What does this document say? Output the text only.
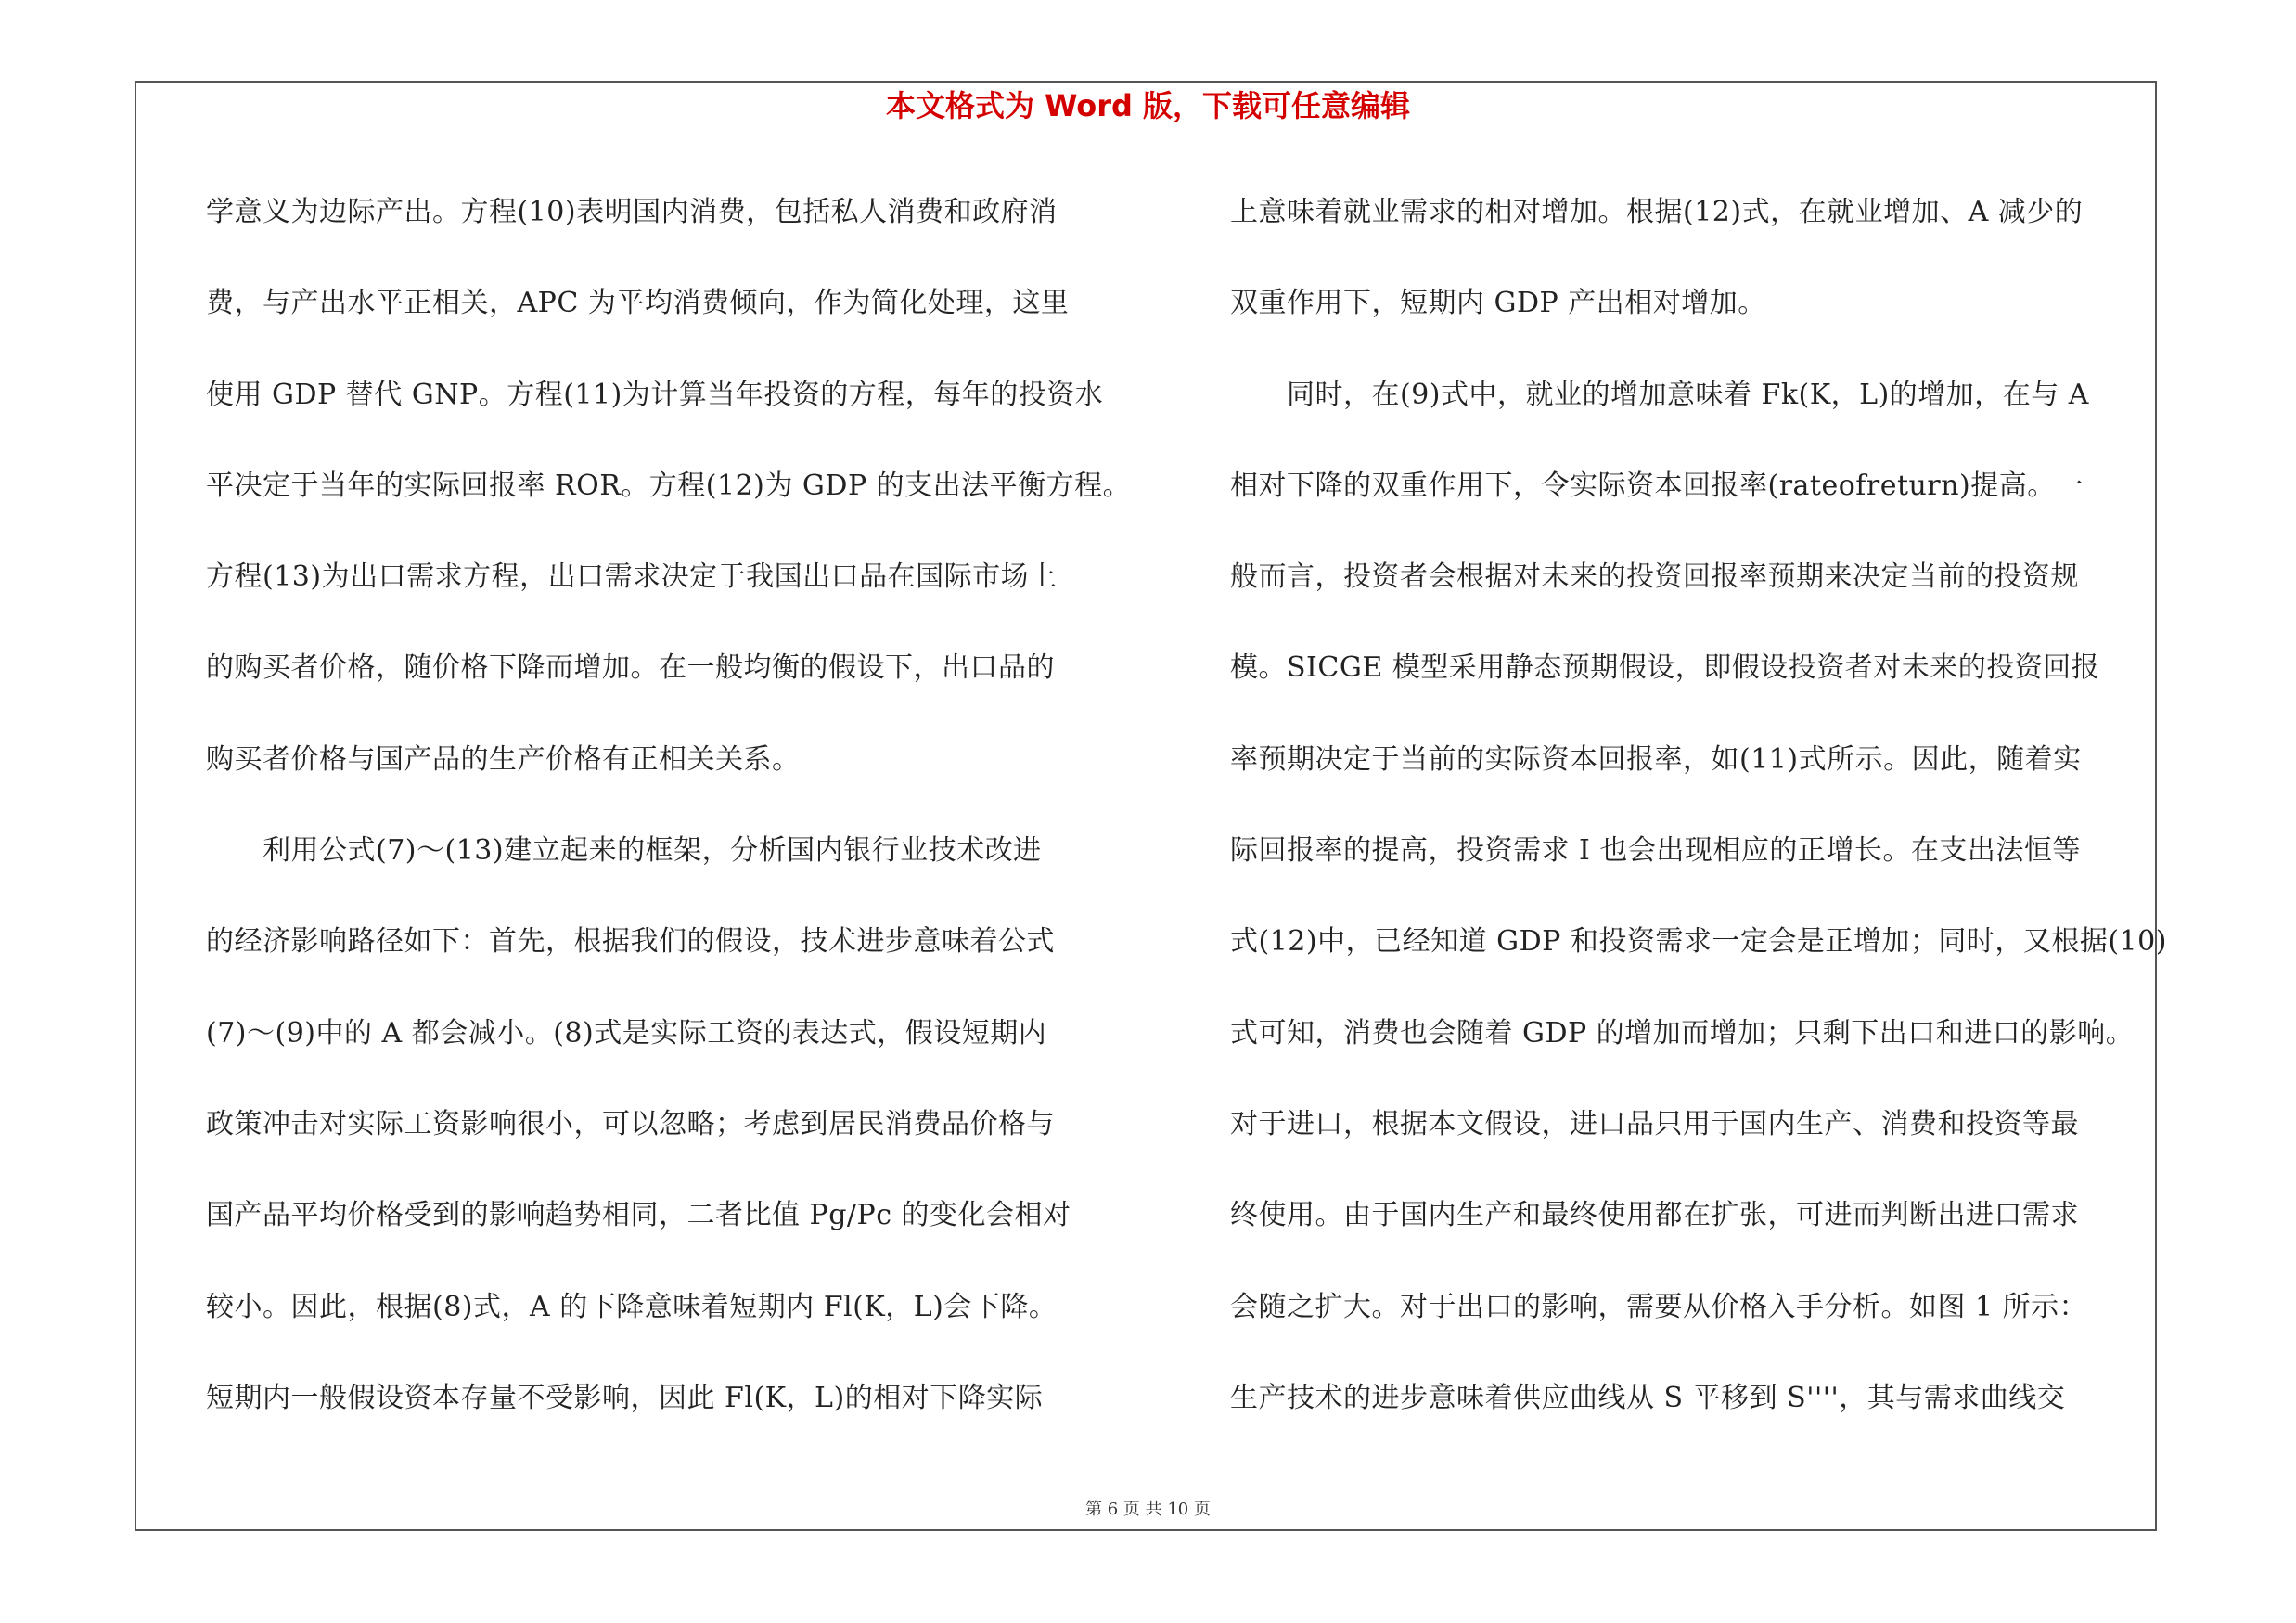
本文格式为 Word 版，下载可任意编辑
学意义为边际产出。方程(10)表明国内消费，包括私人消费和政府消
费，与产出水平正相关，APC 为平均消费倾向，作为简化处理，这里
使用 GDP 替代 GNP。方程(11)为计算当年投资的方程，每年的投资水
平决定于当年的实际回报率 ROR。方程(12)为 GDP 的支出法平衡方程。
方程(13)为出口需求方程，出口需求决定于我国出口品在国际市场上
的购买者价格，随价格下降而增加。在一般均衡的假设下，出口品的
购买者价格与国产品的生产价格有正相关关系。
　　利用公式(7)～(13)建立起来的框架，分析国内银行业技术改进
的经济影响路径如下：首先，根据我们的假设，技术进步意味着公式
(7)～(9)中的 A 都会减小。(8)式是实际工资的表达式，假设短期内
政策冲击对实际工资影响很小，可以忽略；考虑到居民消费品价格与
国产品平均价格受到的影响趋势相同，二者比值 Pg/Pc 的变化会相对
较小。因此，根据(8)式，A 的下降意味着短期内 Fl(K，L)会下降。
短期内一般假设资本存量不受影响，因此 Fl(K，L)的相对下降实际
上意味着就业需求的相对增加。根据(12)式，在就业增加、A 减少的
双重作用下，短期内 GDP 产出相对增加。
　　同时，在(9)式中，就业的增加意味着 Fk(K，L)的增加，在与 A
相对下降的双重作用下，令实际资本回报率(rateofreturn)提高。一
般而言，投资者会根据对未来的投资回报率预期来决定当前的投资规
模。SICGE 模型采用静态预期假设，即假设投资者对未来的投资回报
率预期决定于当前的实际资本回报率，如(11)式所示。因此，随着实
际回报率的提高，投资需求 I 也会出现相应的正增长。在支出法恒等
式(12)中，已经知道 GDP 和投资需求一定会是正增加；同时，又根据(10)
式可知，消费也会随着 GDP 的增加而增加；只剩下出口和进口的影响。
对于进口，根据本文假设，进口品只用于国内生产、消费和投资等最
终使用。由于国内生产和最终使用都在扩张，可进而判断出进口需求
会随之扩大。对于出口的影响，需要从价格入手分析。如图 1 所示：
生产技术的进步意味着供应曲线从 S 平移到 S''''，其与需求曲线交
第 6 页 共 10 页
